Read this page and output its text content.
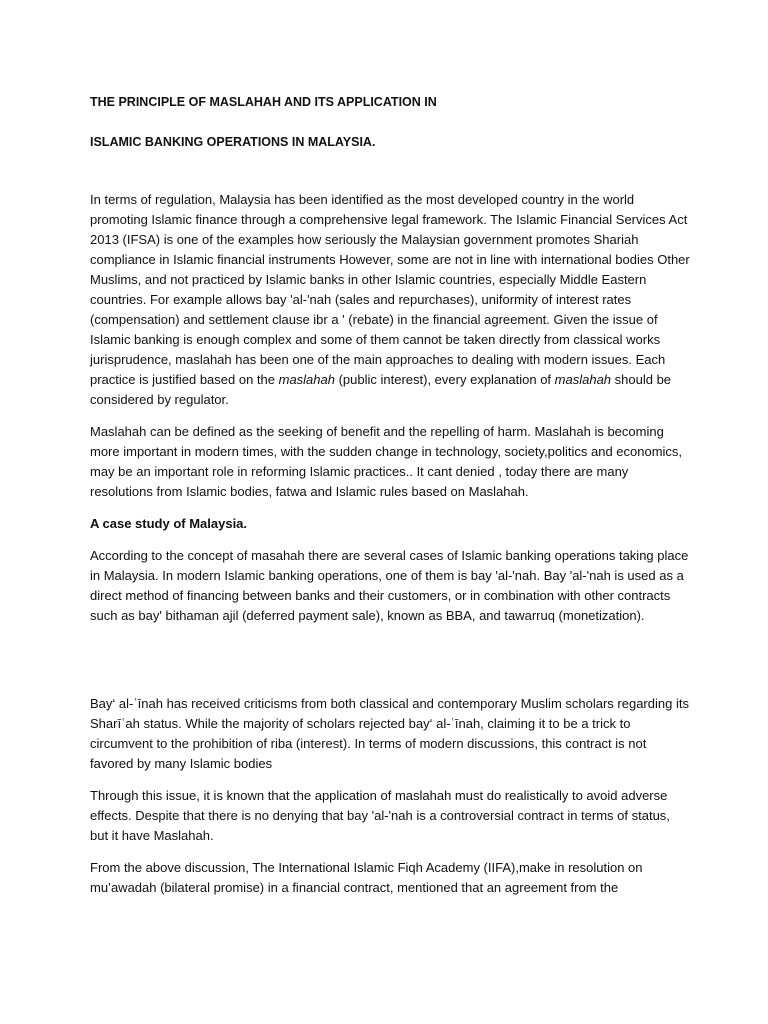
THE PRINCIPLE OF MASLAHAH AND ITS APPLICATION IN
ISLAMIC BANKING OPERATIONS IN MALAYSIA.

In terms of regulation, Malaysia has been identified as the most developed country in the world promoting Islamic finance through a comprehensive legal framework. The Islamic Financial Services Act 2013 (IFSA) is one of the examples how seriously the Malaysian government promotes Shariah compliance in Islamic financial instruments However, some are not in line with international bodies Other Muslims, and not practiced by Islamic banks in other Islamic countries, especially Middle Eastern countries. For example allows bay 'al-'nah (sales and repurchases), uniformity of interest rates (compensation) and settlement clause ibr a ' (rebate) in the financial agreement. Given the issue of Islamic banking is enough complex and some of them cannot be taken directly from classical works jurisprudence, maslahah has been one of the main approaches to dealing with modern issues. Each practice is justified based on the maslahah (public interest), every explanation of maslahah should be considered by regulator.

Maslahah can be defined as the seeking of benefit and the repelling of harm. Maslahah is becoming more important in modern times, with the sudden change in technology, society,politics and economics, may be an important role in reforming Islamic practices.. It cant denied , today there are many resolutions from Islamic bodies, fatwa and Islamic rules based on Maslahah.

A case study of Malaysia.

According to the concept of masahah there are several cases of Islamic banking operations taking place in Malaysia. In modern Islamic banking operations, one of them is bay 'al-'nah. Bay 'al-'nah is used as a direct method of financing between banks and their customers, or in combination with other contracts such as bay' bithaman ajil (deferred payment sale), known as BBA, and tawarruq (monetization).

Bay‘ al-ʿīnah has received criticisms from both classical and contemporary Muslim scholars regarding its Sharīʿah status. While the majority of scholars rejected bay‘ al-ʿīnah, claiming it to be a trick to circumvent to the prohibition of riba (interest). In terms of modern discussions, this contract is not favored by many Islamic bodies

Through this issue, it is known that the application of maslahah must do realistically to avoid adverse effects. Despite that there is no denying that bay 'al-'nah is a controversial contract in terms of status, but it have Maslahah.

From the above discussion, The International Islamic Fiqh Academy (IIFA),make in resolution on mu’awadah (bilateral promise) in a financial contract, mentioned that an agreement from the
